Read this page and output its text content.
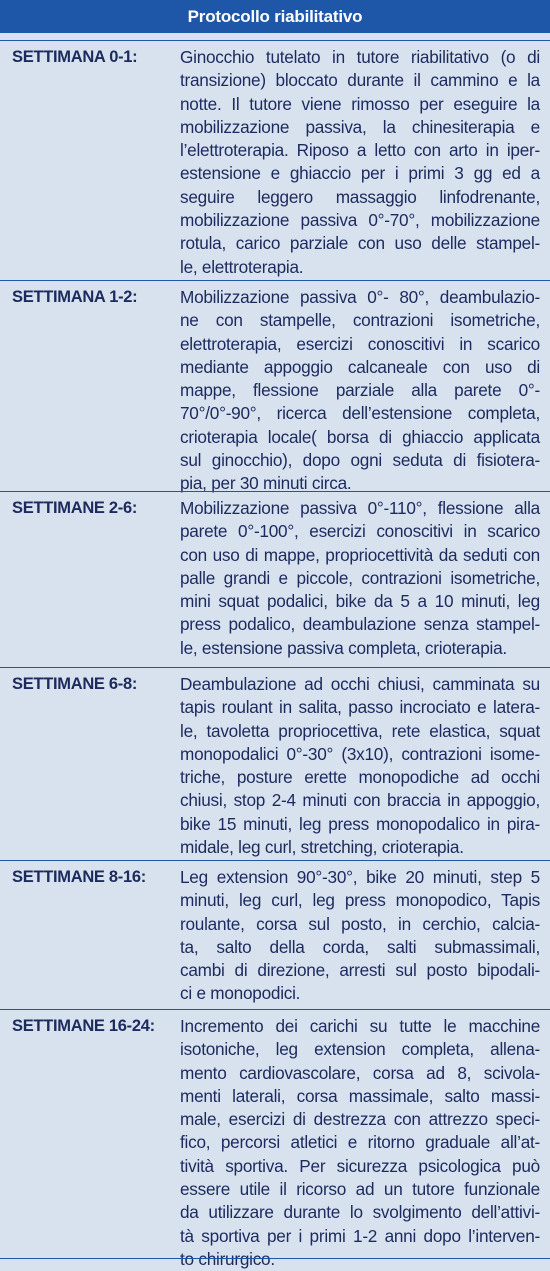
Protocollo riabilitativo
SETTIMANA 0-1: Ginocchio tutelato in tutore riabilitativo (o di
transizione) bloccato durante il cammino e la
notte. Il tutore viene rimosso per eseguire la
mobilizzazione passiva, la chinesiterapia e
l’elettroterapia. Riposo a letto con arto in iper-
estensione e ghiaccio per i primi 3 gg ed a
seguire leggero massaggio linfodrenante,
mobilizzazione passiva 0°-70°, mobilizzazione
rotula, carico parziale con uso delle stampel-
le, elettroterapia.
SETTIMANA 1-2: Mobilizzazione passiva 0°- 80°, deambulazio-
ne con stampelle, contrazioni isometriche,
elettroterapia, esercizi conoscitivi in scarico
mediante appoggio calcaneale con uso di
mappe, flessione parziale alla parete 0°-
70°/0°-90°, ricerca dell’estensione completa,
crioterapia locale( borsa di ghiaccio applicata
sul ginocchio), dopo ogni seduta di fisiotera-
pia, per 30 minuti circa.
SETTIMANE 2-6: Mobilizzazione passiva 0°-110°, flessione alla
parete 0°-100°, esercizi conoscitivi in scarico
con uso di mappe, propriocettività da seduti con
palle grandi e piccole, contrazioni isometriche,
mini squat podalici, bike da 5 a 10 minuti, leg
press podalico, deambulazione senza stampel-
le, estensione passiva completa, crioterapia.
SETTIMANE 6-8: Deambulazione ad occhi chiusi, camminata su
tapis roulant in salita, passo incrociato e latera-
le, tavoletta propriocettiva, rete elastica, squat
monopodalici 0°-30° (3x10), contrazioni isome-
triche, posture erette monopodiche ad occhi
chiusi, stop 2-4 minuti con braccia in appoggio,
bike 15 minuti, leg press monopodalico in pira-
midale, leg curl, stretching, crioterapia.
SETTIMANE 8-16: Leg extension 90°-30°, bike 20 minuti, step 5
minuti, leg curl, leg press monopodico, Tapis
roulante, corsa sul posto, in cerchio, calcia-
ta, salto della corda, salti submassimali,
cambi di direzione, arresti sul posto bipodali-
ci e monopodici.
SETTIMANE 16-24: Incremento dei carichi su tutte le macchine
isotoniche, leg extension completa, allena-
mento cardiovascolare, corsa ad 8, scivola-
menti laterali, corsa massimale, salto massi-
male, esercizi di destrezza con attrezzo speci-
fico, percorsi atletici e ritorno graduale all’at-
tività sportiva. Per sicurezza psicologica può
essere utile il ricorso ad un tutore funzionale
da utilizzare durante lo svolgimento dell’attivi-
tà sportiva per i primi 1-2 anni dopo l’interven-
to chirurgico.
